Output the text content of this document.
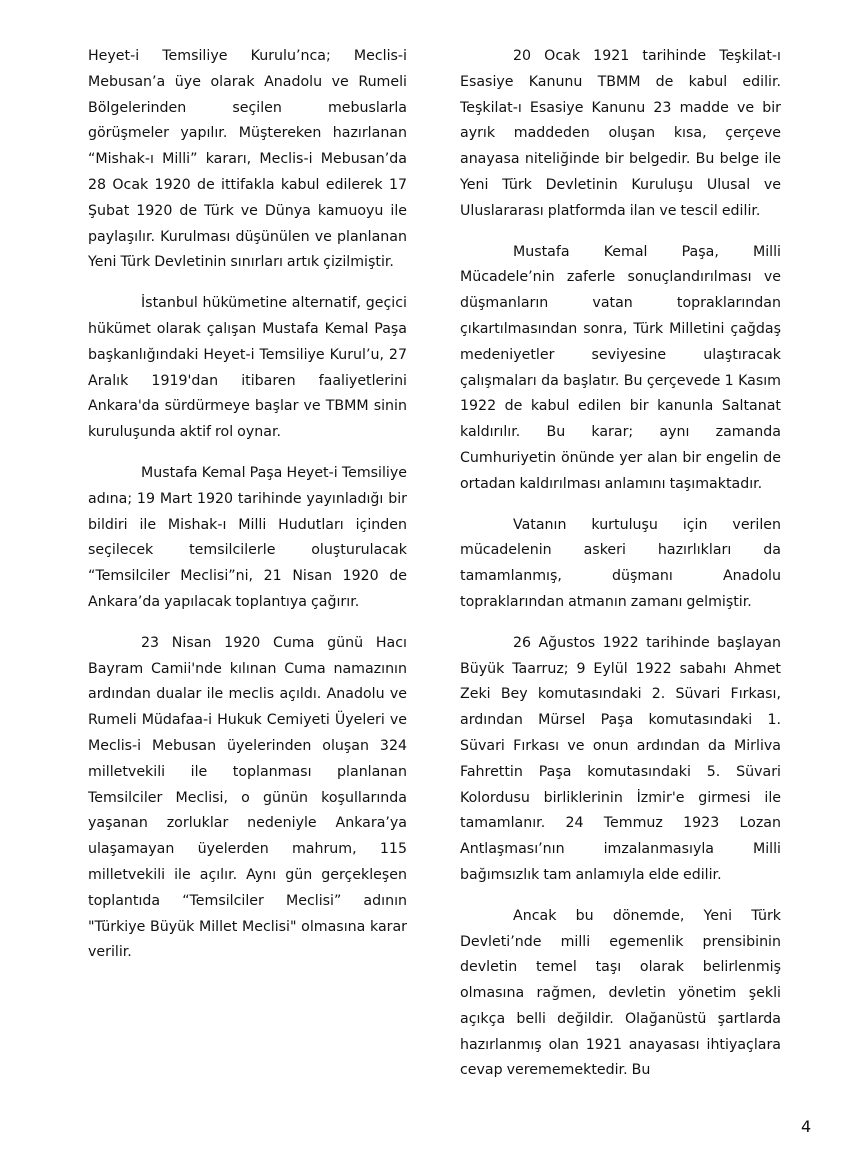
Heyet-i Temsiliye Kurulu’nca; Meclis-i Mebusan’a üye olarak Anadolu ve Rumeli Bölgelerinden seçilen mebuslarla görüşmeler yapılır. Müştereken hazırlanan “Mishak-ı Milli” kararı, Meclis-i Mebusan’da 28 Ocak 1920 de ittifakla kabul edilerek 17 Şubat 1920 de Türk ve Dünya kamuoyu ile paylaşılır. Kurulması düşünülen ve planlanan Yeni Türk Devletinin sınırları artık çizilmiştir.

İstanbul hükümetine alternatif, geçici hükümet olarak çalışan Mustafa Kemal Paşa başkanlığındaki Heyet-i Temsiliye Kurul’u, 27 Aralık 1919'dan itibaren faaliyetlerini Ankara'da sürdürmeye başlar ve TBMM sinin kuruluşunda aktif rol oynar.

Mustafa Kemal Paşa Heyet-i Temsiliye adına; 19 Mart 1920 tarihinde yayınladığı bir bildiri ile Mishak-ı Milli Hudutları içinden seçilecek temsilcilerle oluşturulacak “Temsilciler Meclisi”ni, 21 Nisan 1920 de Ankara’da yapılacak toplantıya çağırır.

23 Nisan 1920 Cuma günü Hacı Bayram Camii'nde kılınan Cuma namazının ardından dualar ile meclis açıldı. Anadolu ve Rumeli Müdafaa-i Hukuk Cemiyeti Üyeleri ve Meclis-i Mebusan üyelerinden oluşan 324 milletvekili ile toplanması planlanan Temsilciler Meclisi, o günün koşullarında yaşanan zorluklar nedeniyle Ankara’ya ulaşamayan üyelerden mahrum, 115 milletvekili ile açılır. Aynı gün gerçekleşen toplantıda “Temsilciler Meclisi” adının "Türkiye Büyük Millet Meclisi" olmasına karar verilir.

20 Ocak 1921 tarihinde Teşkilat-ı Esasiye Kanunu TBMM de kabul edilir. Teşkilat-ı Esasiye Kanunu 23 madde ve bir ayrık maddeden oluşan kısa, çerçeve anayasa niteliğinde bir belgedir. Bu belge ile Yeni Türk Devletinin Kuruluşu Ulusal ve Uluslararası platformda ilan ve tescil edilir.

Mustafa Kemal Paşa, Milli Mücadele’nin zaferle sonuçlandırılması ve düşmanların vatan topraklarından çıkartılmasından sonra, Türk Milletini çağdaş medeniyetler seviyesine ulaştıracak çalışmaları da başlatır. Bu çerçevede 1 Kasım 1922 de kabul edilen bir kanunla Saltanat kaldırılır. Bu karar; aynı zamanda Cumhuriyetin önünde yer alan bir engelin de ortadan kaldırılması anlamını taşımaktadır.

Vatanın kurtuluşu için verilen mücadelenin askeri hazırlıkları da tamamlanmış, düşmanı Anadolu topraklarından atmanın zamanı gelmiştir.

26 Ağustos 1922 tarihinde başlayan Büyük Taarruz; 9 Eylül 1922 sabahı Ahmet Zeki Bey komutasındaki 2. Süvari Fırkası, ardından Mürsel Paşa komutasındaki 1. Süvari Fırkası ve onun ardından da Mirliva Fahrettin Paşa komutasındaki 5. Süvari Kolordusu birliklerinin İzmir'e girmesi ile tamamlanır. 24 Temmuz 1923 Lozan Antlaşması’nın imzalanmasıyla Milli bağımsızlık tam anlamıyla elde edilir.

Ancak bu dönemde, Yeni Türk Devleti’nde milli egemenlik prensibinin devletin temel taşı olarak belirlenmiş olmasına rağmen, devletin yönetim şekli açıkça belli değildir. Olağanüstü şartlarda hazırlanmış olan 1921 anayasası ihtiyaçlara cevap verememektedir. Bu

4
